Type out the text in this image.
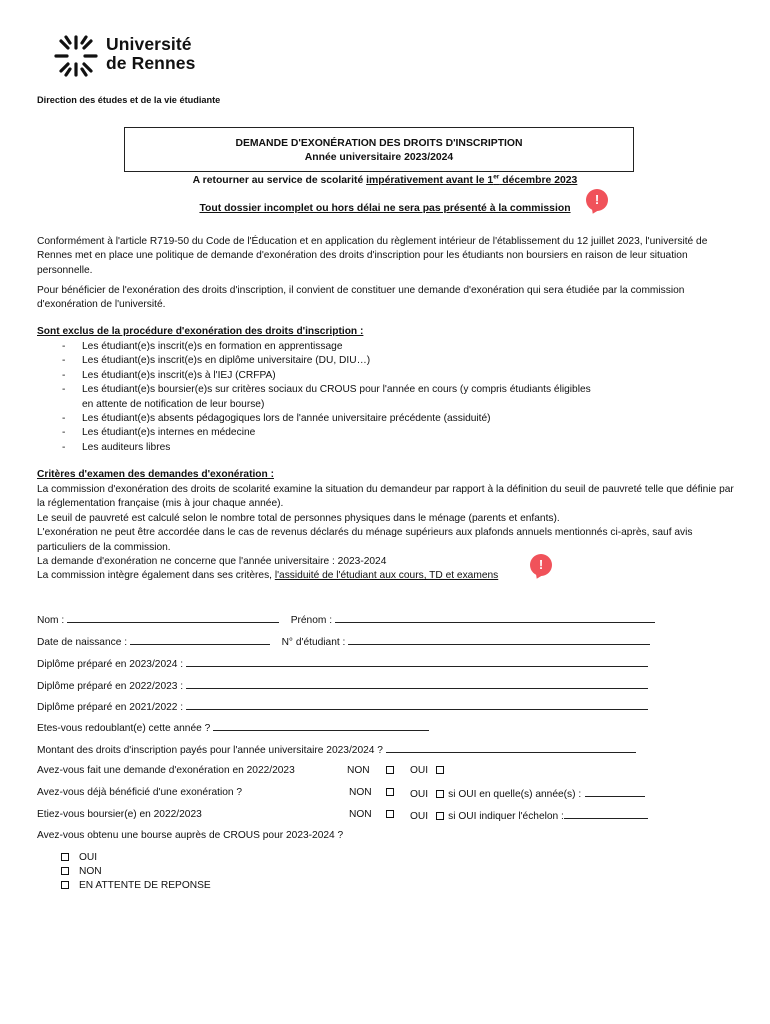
Université
de Rennes
Direction des études et de la vie étudiante
DEMANDE D'EXONÉRATION DES DROITS D'INSCRIPTION
Année universitaire 2023/2024
A retourner au service de scolarité impérativement avant le 1er décembre 2023
Tout dossier incomplet ou hors délai ne sera pas présenté à la commission
!
Conformément à l'article R719-50 du Code de l'Éducation et en application du règlement intérieur de l'établissement du 12 juillet 2023, l'université de Rennes met en place une politique de demande d'exonération des droits d'inscription pour les étudiants non boursiers en raison de leur situation personnelle.
Pour bénéficier de l'exonération des droits d'inscription, il convient de constituer une demande d'exonération qui sera étudiée par la commission d'exonération de l'université.
Sont exclus de la procédure d'exonération des droits d'inscription :
- Les étudiant(e)s inscrit(e)s en formation en apprentissage
- Les étudiant(e)s inscrit(e)s en diplôme universitaire (DU, DIU…)
- Les étudiant(e)s inscrit(e)s à l'IEJ (CRFPA)
- Les étudiant(e)s boursier(e)s sur critères sociaux du CROUS pour l'année en cours (y compris étudiants éligibles en attente de notification de leur bourse)
- Les étudiant(e)s absents pédagogiques lors de l'année universitaire précédente (assiduité)
- Les étudiant(e)s internes en médecine
- Les auditeurs libres
Critères d'examen des demandes d'exonération :
La commission d'exonération des droits de scolarité examine la situation du demandeur par rapport à la définition du seuil de pauvreté telle que définie par la réglementation française (mis à jour chaque année).
Le seuil de pauvreté est calculé selon le nombre total de personnes physiques dans le ménage (parents et enfants).
L'exonération ne peut être accordée dans le cas de revenus déclarés du ménage supérieurs aux plafonds annuels mentionnés ci-après, sauf avis particuliers de la commission.
La demande d'exonération ne concerne que l'année universitaire : 2023-2024
La commission intègre également dans ses critères, l'assiduité de l'étudiant aux cours, TD et examens
!
Nom :	Prénom :
Date de naissance :	N° d'étudiant :
Diplôme préparé en 2023/2024 :
Diplôme préparé en 2022/2023 :
Diplôme préparé en 2021/2022 :
Etes-vous redoublant(e) cette année ?
Montant des droits d'inscription payés pour l'année universitaire 2023/2024 ?
Avez-vous fait une demande d'exonération en 2022/2023	NON	OUI
Avez-vous déjà bénéficié d'une exonération ?	NON	OUI si OUI en quelle(s) année(s) :
Etiez-vous boursier(e) en 2022/2023	NON	OUI si OUI indiquer l'échelon :
Avez-vous obtenu une bourse auprès de CROUS pour 2023-2024 ?
OUI
NON
EN ATTENTE DE REPONSE
